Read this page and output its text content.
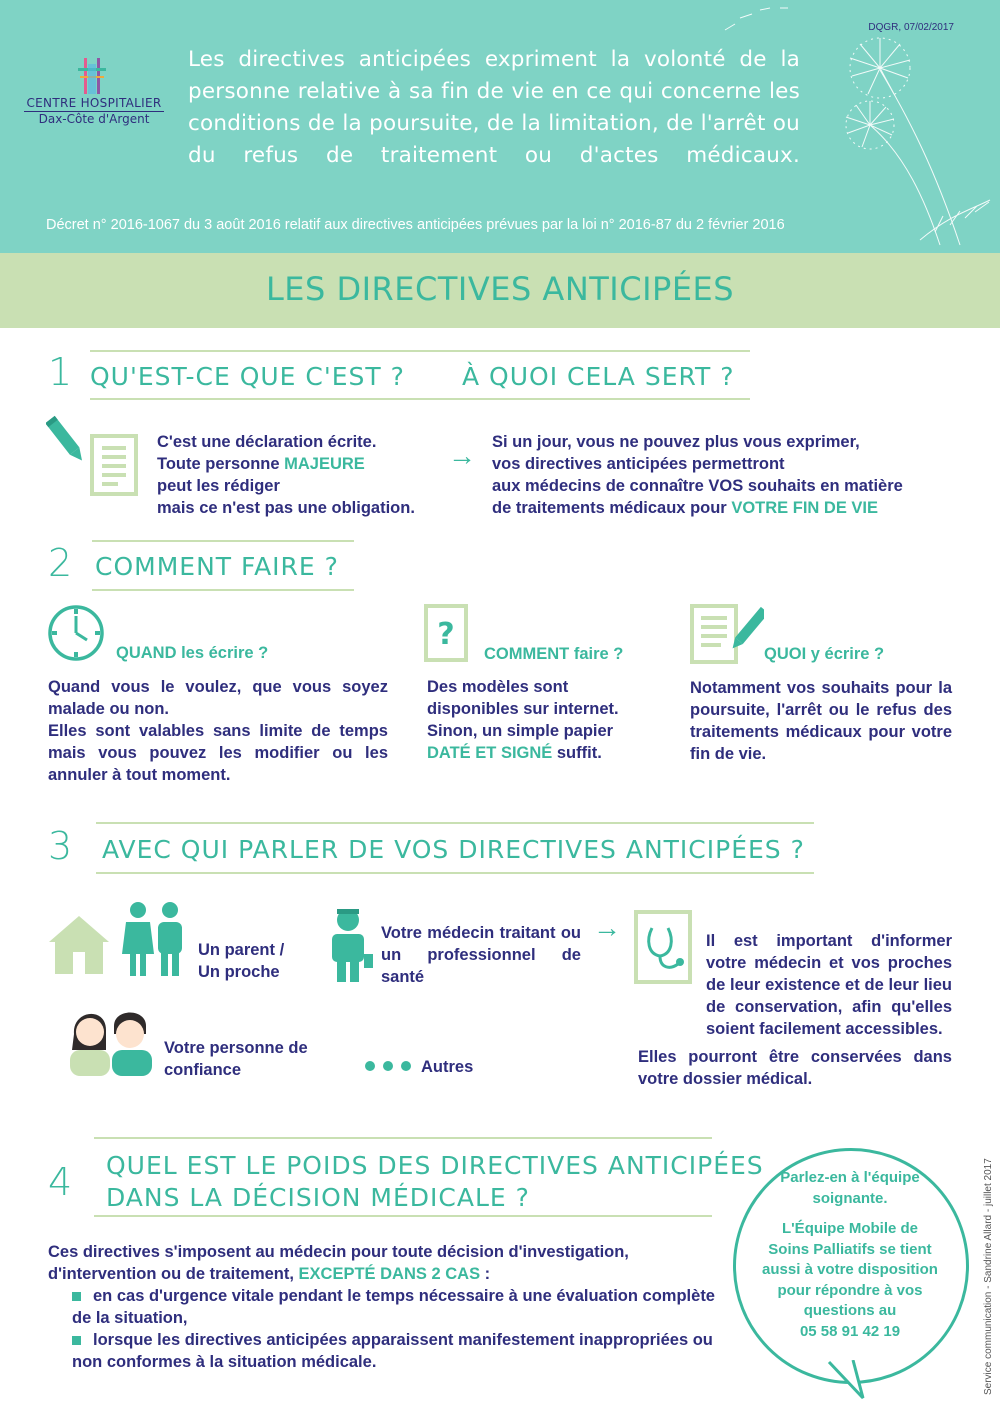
DQGR, 07/02/2017
CENTRE HOSPITALIER
Dax-Côte d'Argent
Les directives anticipées expriment la volonté de la personne relative à sa fin de vie en ce qui concerne les conditions de la poursuite, de la limitation, de l'arrêt ou du refus de traitement ou d'actes médicaux.
Décret n° 2016-1067 du 3 août 2016 relatif aux directives anticipées prévues par la loi n° 2016-87 du 2 février 2016
LES DIRECTIVES ANTICIPÉES
1 QU'EST-CE QUE C'EST ? À QUOI CELA SERT ?
C'est une déclaration écrite.
Toute personne MAJEURE
peut les rédiger
mais ce n'est pas une obligation.
→ Si un jour, vous ne pouvez plus vous exprimer,
vos directives anticipées permettront
aux médecins de connaître VOS souhaits en matière
de traitements médicaux pour VOTRE FIN DE VIE
2 COMMENT FAIRE ?
QUAND les écrire ?
Quand vous le voulez, que vous soyez malade ou non.
Elles sont valables sans limite de temps mais vous pouvez les modifier ou les annuler à tout moment.
?
COMMENT faire ?
Des modèles sont disponibles sur internet.
Sinon, un simple papier DATÉ ET SIGNÉ suffit.
QUOI y écrire ?
Notamment vos souhaits pour la poursuite, l'arrêt ou le refus des traitements médicaux pour votre fin de vie.
3 AVEC QUI PARLER DE VOS DIRECTIVES ANTICIPÉES ?
Un parent /
Un proche
Votre médecin traitant ou un professionnel de santé
→	Il est important d'informer votre médecin et vos proches de leur existence et de leur lieu de conservation, afin qu'elles soient facilement accessibles.
Elles pourront être conservées dans votre dossier médical.
Votre personne de confiance	Autres
4 QUEL EST LE POIDS DES DIRECTIVES ANTICIPÉES
DANS LA DÉCISION MÉDICALE ?
Ces directives s'imposent au médecin pour toute décision d'investigation, d'intervention ou de traitement, EXCEPTÉ DANS 2 CAS :
en cas d'urgence vitale pendant le temps nécessaire à une évaluation complète de la situation,
lorsque les directives anticipées apparaissent manifestement inappropriées ou non conformes à la situation médicale.
Parlez-en à l'équipe soignante.
L'Équipe Mobile de Soins Palliatifs se tient aussi à votre disposition pour répondre à vos questions au
05 58 91 42 19	Service communication - Sandrine Allard - juillet 2017
